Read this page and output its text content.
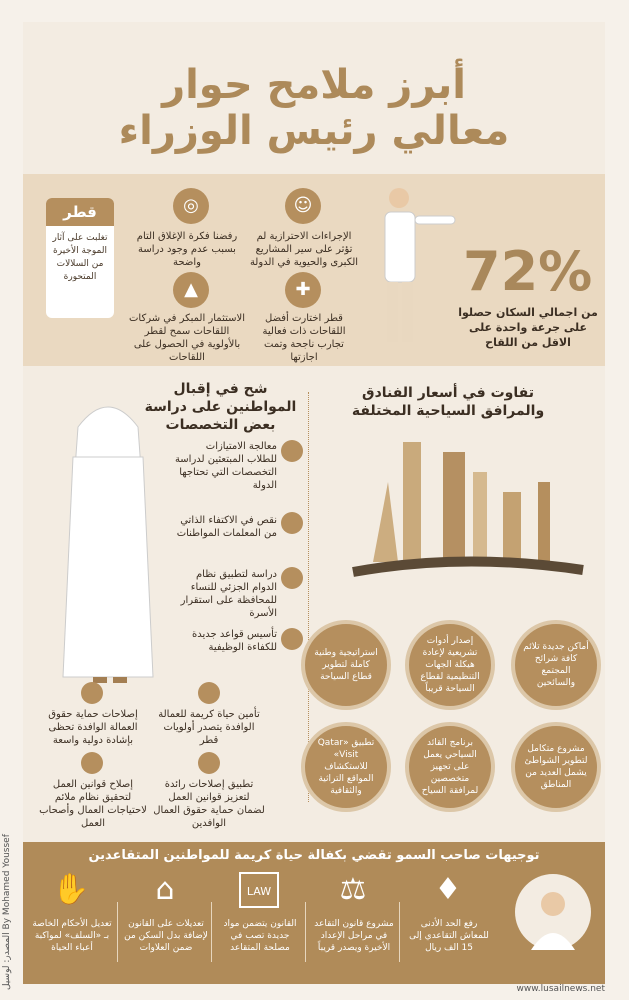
أبرز ملامح حوار
معالي رئيس الوزراء
قطر
تغلبت على آثار الموجة الأخيرة من السلالات المتحورة
◎
رفضنا فكرة الإغلاق التام بسبب عدم وجود دراسة واضحة
☺
الإجراءات الاحترازية لم تؤثر على سير المشاريع الكبرى والحيوية في الدولة
▲
الاستثمار المبكر في شركات اللقاحات سمح لقطر بالأولوية في الحصول على اللقاحات
✚
قطر اختارت أفضل اللقاحات ذات فعالية تجارب ناجحة وتمت اجازتها
72%
من اجمالي السكان حصلوا على جرعة واحدة على الاقل من اللقاح
شح في إقبال المواطنين على دراسة بعض التخصصات
معالجة الامتيازات للطلاب المبتعثين لدراسة التخصصات التي تحتاجها الدولة
نقص في الاكتفاء الذاتي من المعلمات المواطنات
دراسة لتطبيق نظام الدوام الجزئي للنساء للمحافظة على استقرار الأسرة
تأسيس قواعد جديدة للكفاءة الوظيفية
تفاوت في أسعار الفنادق والمرافق السياحية المختلفة
أماكن جديدة تلائم كافة شرائح المجتمع والسائحين
إصدار أدوات تشريعية لإعادة هيكلة الجهات التنظيمية لقطاع السياحة قريباً
استراتيجية وطنية كاملة لتطوير قطاع السياحة
مشروع متكامل لتطوير الشواطئ يشمل العديد من المناطق
برنامج القائد السياحي يعمل على تجهيز متخصصين لمرافقة السياح
تطبيق «Qatar Visit» للاستكشاف المواقع التراثية والثقافية
تأمين حياة كريمة للعمالة الوافدة يتصدر أولويات قطر
إصلاحات حماية حقوق العمالة الوافدة تحظى بإشادة دولية واسعة
تطبيق إصلاحات رائدة لتعزيز قوانين العمل لضمان حماية حقوق العمال الوافدين
إصلاح قوانين العمل لتحقيق نظام ملائم لاحتياجات العمال وأصحاب العمل
توجيهات صاحب السمو تقضي بكفالة حياة كريمة للمواطنين المتقاعدين
♦
رفع الحد الأدنى للمعاش التقاعدي إلى 15 الف ريال
⚖
مشروع قانون التقاعد في مراحل الإعداد الأخيرة ويصدر قريباً
LAW
القانون يتضمن مواد جديدة تصب في مصلحة المتقاعد
⌂
تعديلات على القانون لإضافة بدل السكن من ضمن العلاوات
✋
تعديل الأحكام الخاصة بـ «السلف» لمواكبة أعباء الحياة
المصدر: لوسيل By Mohamed Youssef
www.lusailnews.net
